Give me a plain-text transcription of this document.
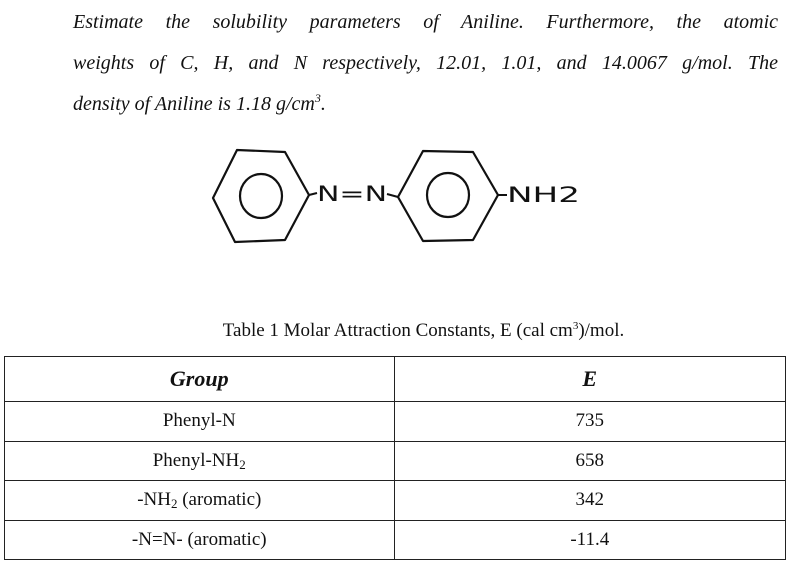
Estimate the solubility parameters of Aniline. Furthermore, the atomic
weights of C, H, and N respectively, 12.01, 1.01, and 14.0067 g/mol. The
density of Aniline is 1.18 $g/cm^3$.
N=N	NH2
Table 1 Molar Attraction Constants, E (cal $cm^3$)/mol.
Group	E
Phenyl-N	735
Phenyl-$NH_2$	658
$-NH_2$ (aromatic)	342
-N=N- (aromatic)	-11.4
